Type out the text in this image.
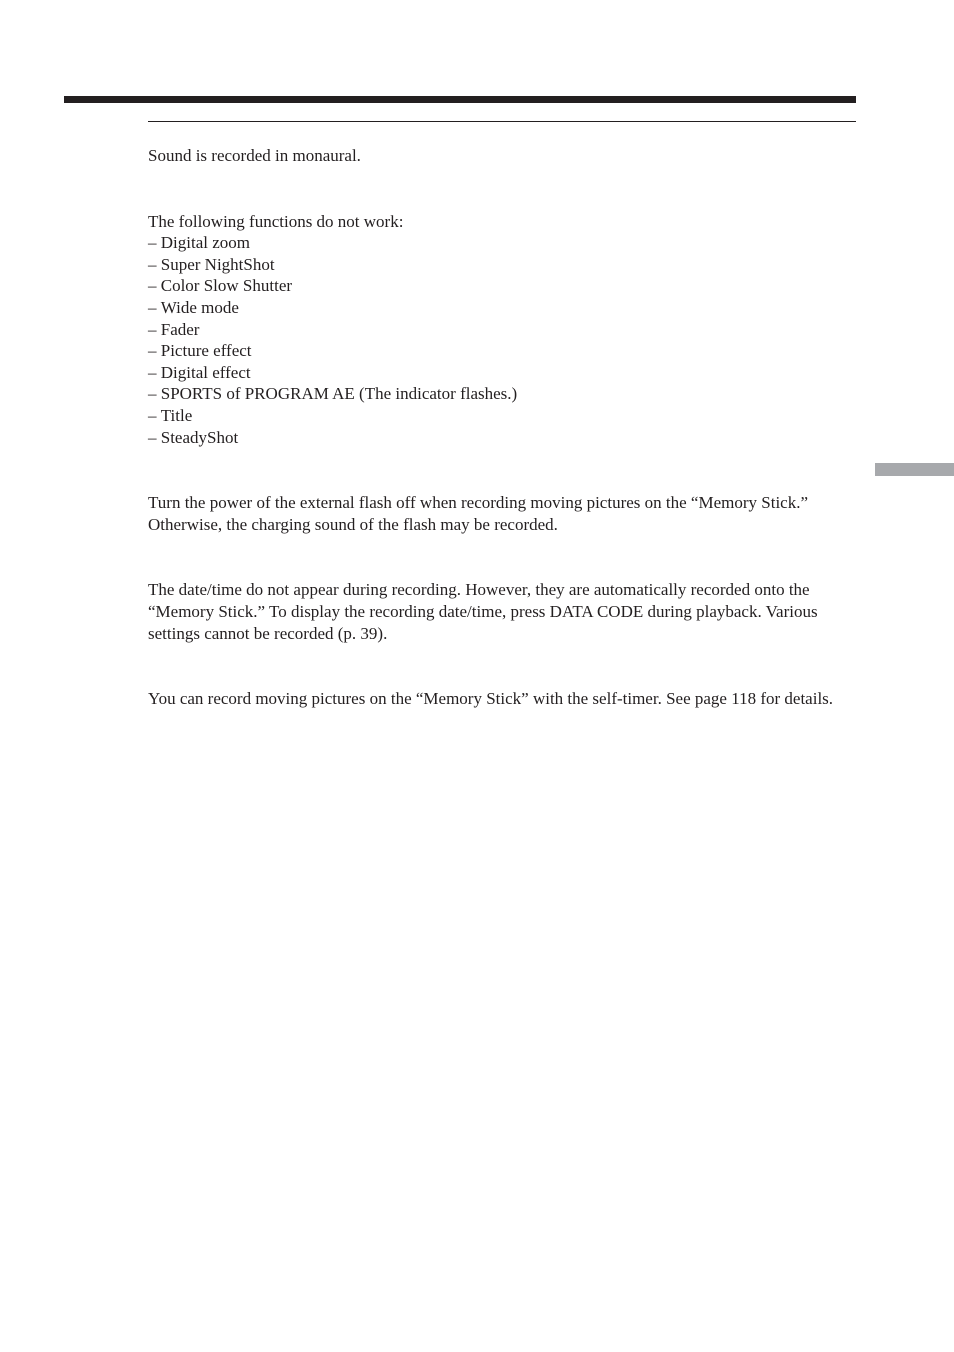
Sound is recorded in monaural.

The following functions do not work:

– Digital zoom
– Super NightShot
– Color Slow Shutter
– Wide mode
– Fader
– Picture effect
– Digital effect
– SPORTS of PROGRAM AE (The indicator flashes.)
– Title
– SteadyShot

Turn the power of the external flash off when recording moving pictures on the “Memory Stick.” Otherwise, the charging sound of the flash may be recorded.

The date/time do not appear during recording. However, they are automatically recorded onto the “Memory Stick.” To display the recording date/time, press DATA CODE during playback. Various settings cannot be recorded (p. 39).

You can record moving pictures on the “Memory Stick” with the self-timer. See page 118 for details.
